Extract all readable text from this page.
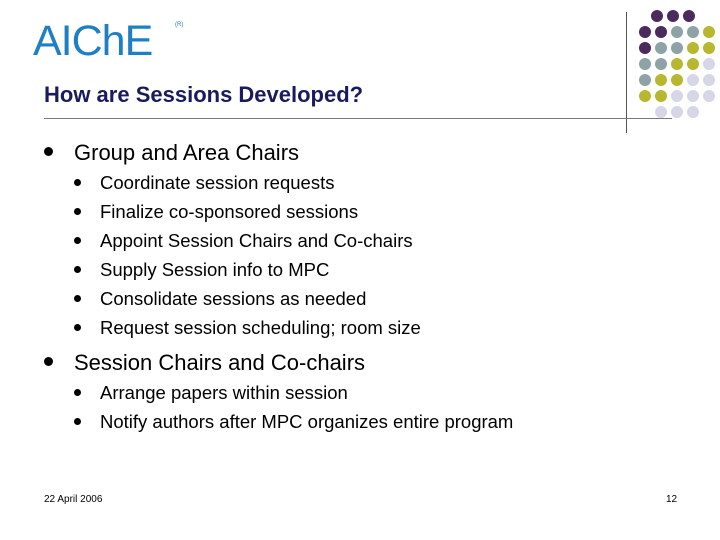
AIChE	(R)
How are Sessions Developed?
Group and Area Chairs
Coordinate session requests
Finalize co-sponsored sessions
Appoint Session Chairs and Co-chairs
Supply Session info to MPC
Consolidate sessions as needed
Request session scheduling; room size
Session Chairs and Co-chairs
Arrange papers within session
Notify authors after MPC organizes entire program
22 April 2006	12
